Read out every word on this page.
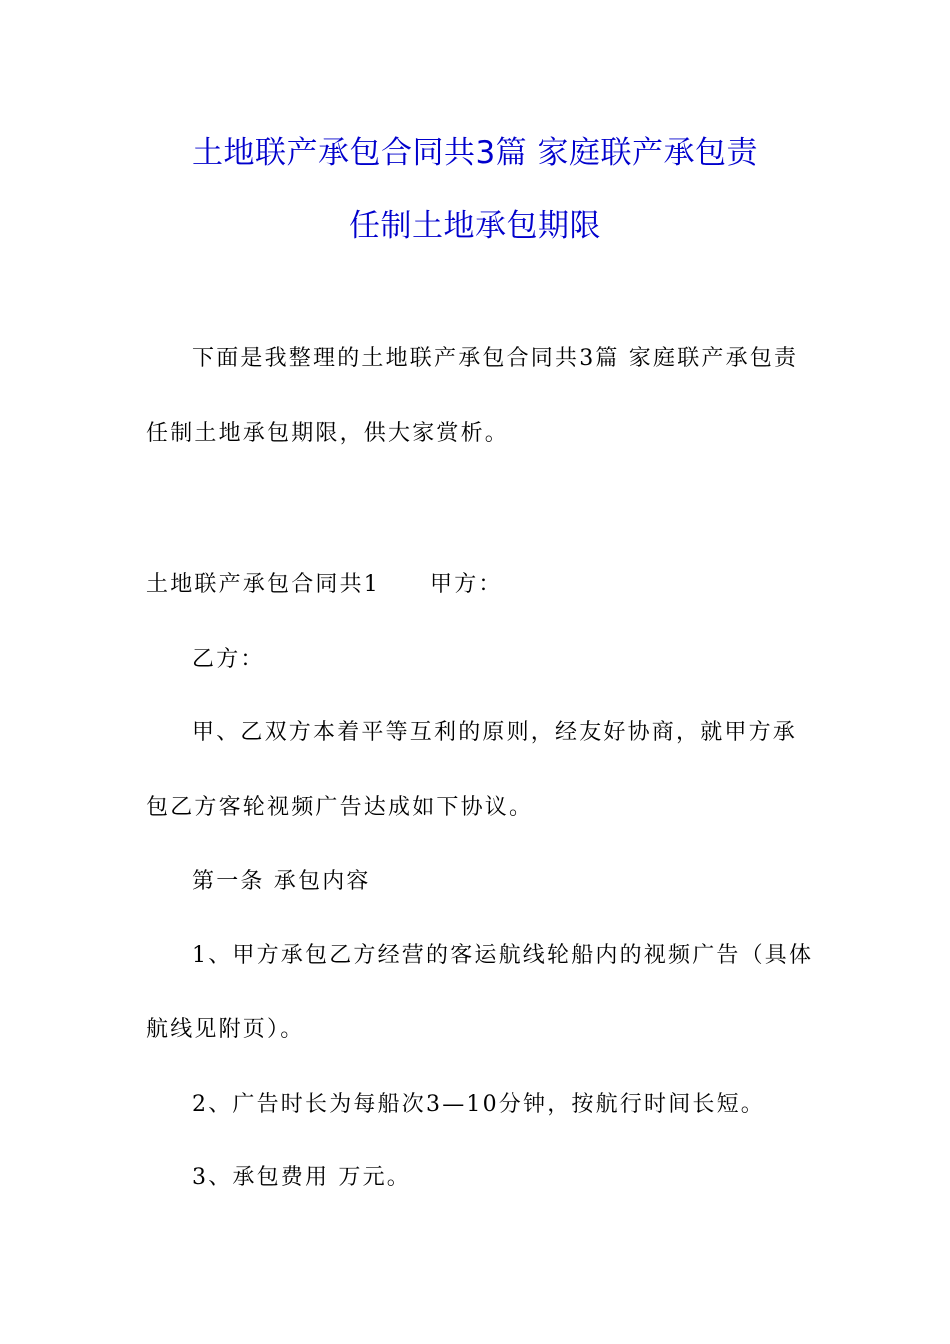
土地联产承包合同共3篇 家庭联产承包责
任制土地承包期限
下面是我整理的土地联产承包合同共3篇 家庭联产承包责
任制土地承包期限，供大家赏析。
土地联产承包合同共1 甲方：
乙方：
甲、乙双方本着平等互利的原则，经友好协商，就甲方承
包乙方客轮视频广告达成如下协议。
第一条 承包内容
1、甲方承包乙方经营的客运航线轮船内的视频广告（具体
航线见附页）。
2、广告时长为每船次3—10分钟，按航行时间长短。
3、承包费用 万元。
